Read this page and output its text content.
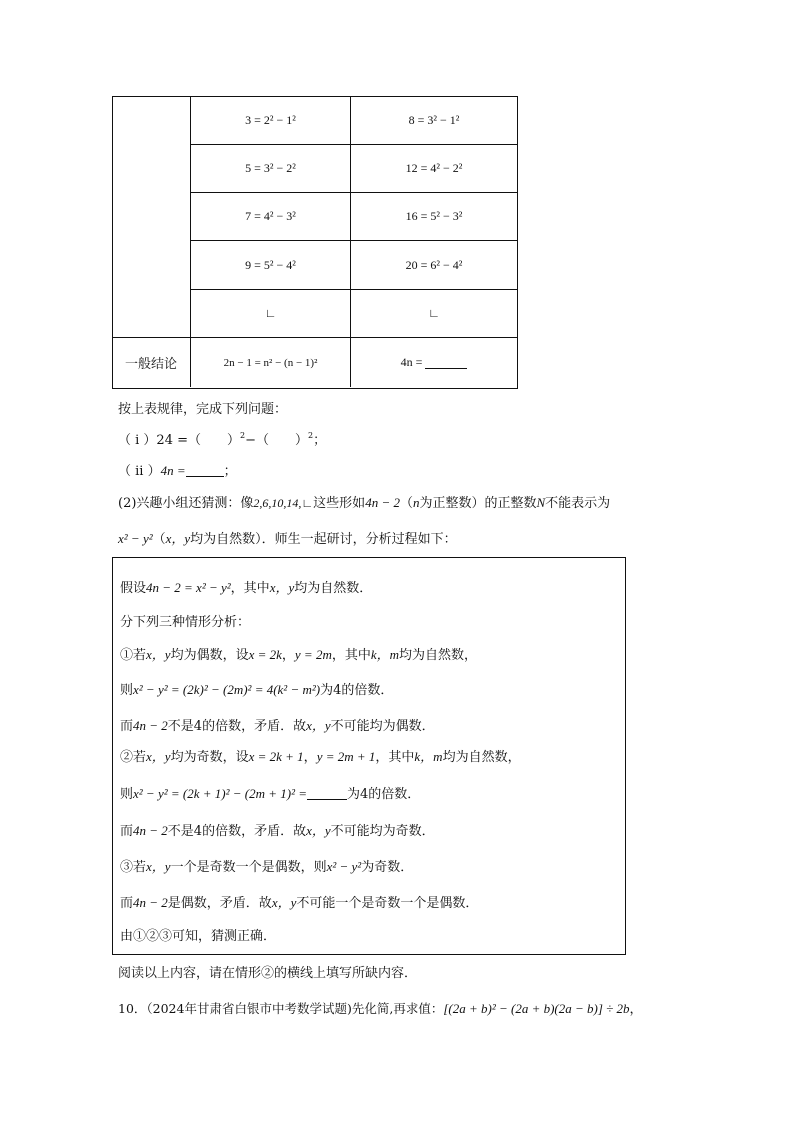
3 = 2² − 1²	8 = 3² − 1²
5 = 3² − 2²	12 = 4² − 2²
7 = 4² − 3²	16 = 5² − 3²
9 = 5² − 4²	20 = 6² − 4²
∟	∟
一般结论	2n − 1 = n² − (n − 1)²	4n =

按上表规律，完成下列问题：
（ i ）24 =（　　）$^2$−（　　）$^2$；
（ ii ）4n =	；
(2)兴趣小组还猜测：像2,6,10,14,∟这些形如4n − 2（n为正整数）的正整数N不能表示为
x² − y²（x，y均为自然数）．师生一起研讨，分析过程如下：
假设4n − 2 = x² − y²，其中x，y均为自然数．
分下列三种情形分析：
①若x，y均为偶数，设x = 2k，y = 2m，其中k，m均为自然数，
则x² − y² = (2k)² − (2m)² = 4(k² − m²)为4的倍数．
而4n − 2不是4的倍数，矛盾．故x，y不可能均为偶数．
②若x，y均为奇数，设x = 2k + 1，y = 2m + 1，其中k，m均为自然数，
则x² − y² = (2k + 1)² − (2m + 1)² =	为4的倍数．
而4n − 2不是4的倍数，矛盾．故x，y不可能均为奇数．
③若x，y一个是奇数一个是偶数，则x² − y²为奇数．
而4n − 2是偶数，矛盾．故x，y不可能一个是奇数一个是偶数．
由①②③可知，猜测正确．
阅读以上内容，请在情形②的横线上填写所缺内容．
10．（2024年甘肃省白银市中考数学试题)先化简,再求值：[(2a + b)² − (2a + b)(2a − b)] ÷ 2b，
